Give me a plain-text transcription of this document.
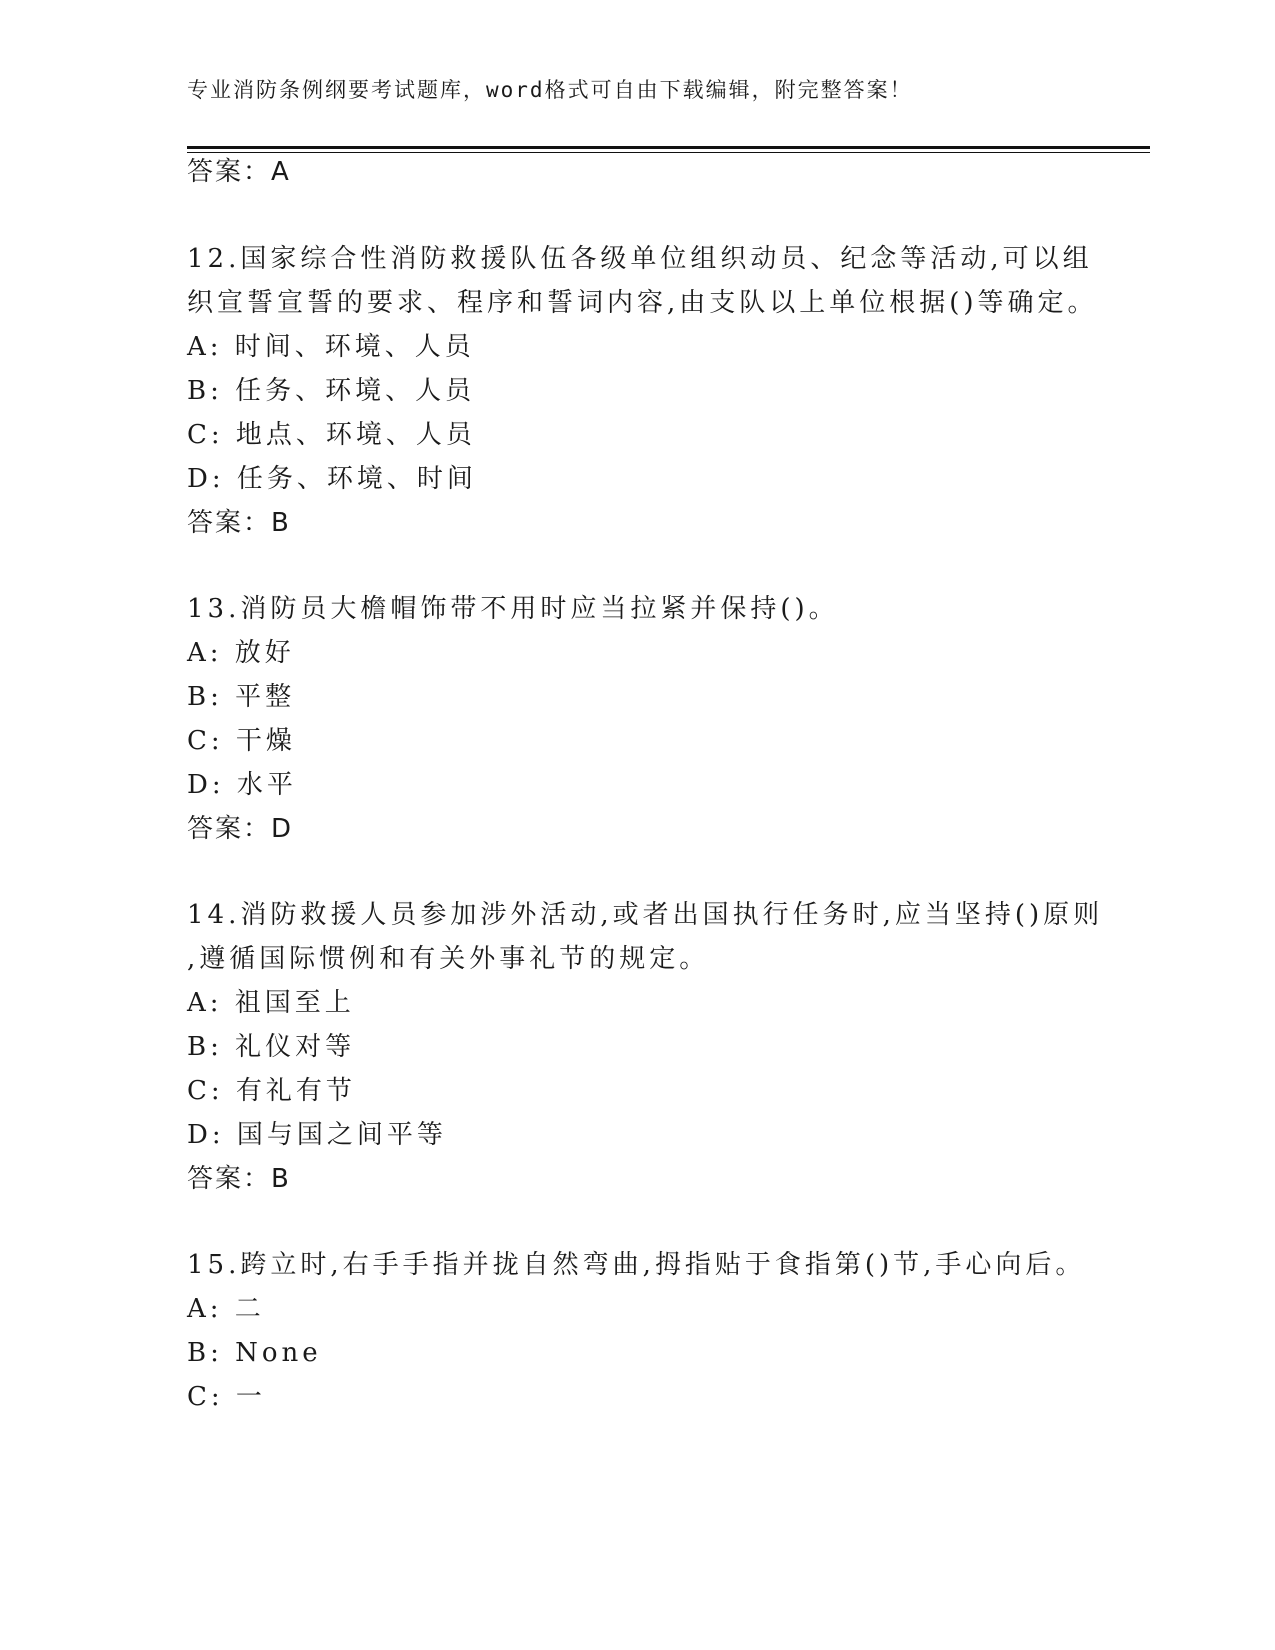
专业消防条例纲要考试题库，word格式可自由下载编辑，附完整答案！
答案：A
12.国家综合性消防救援队伍各级单位组织动员、纪念等活动,可以组
织宣誓宣誓的要求、程序和誓词内容,由支队以上单位根据()等确定。
A: 时间、环境、人员
B: 任务、环境、人员
C: 地点、环境、人员
D: 任务、环境、时间
答案：B
13.消防员大檐帽饰带不用时应当拉紧并保持()。
A: 放好
B: 平整
C: 干燥
D: 水平
答案：D
14.消防救援人员参加涉外活动,或者出国执行任务时,应当坚持()原则
,遵循国际惯例和有关外事礼节的规定。
A: 祖国至上
B: 礼仪对等
C: 有礼有节
D: 国与国之间平等
答案：B
15.跨立时,右手手指并拢自然弯曲,拇指贴于食指第()节,手心向后。
A: 二
B: None
C: 一
